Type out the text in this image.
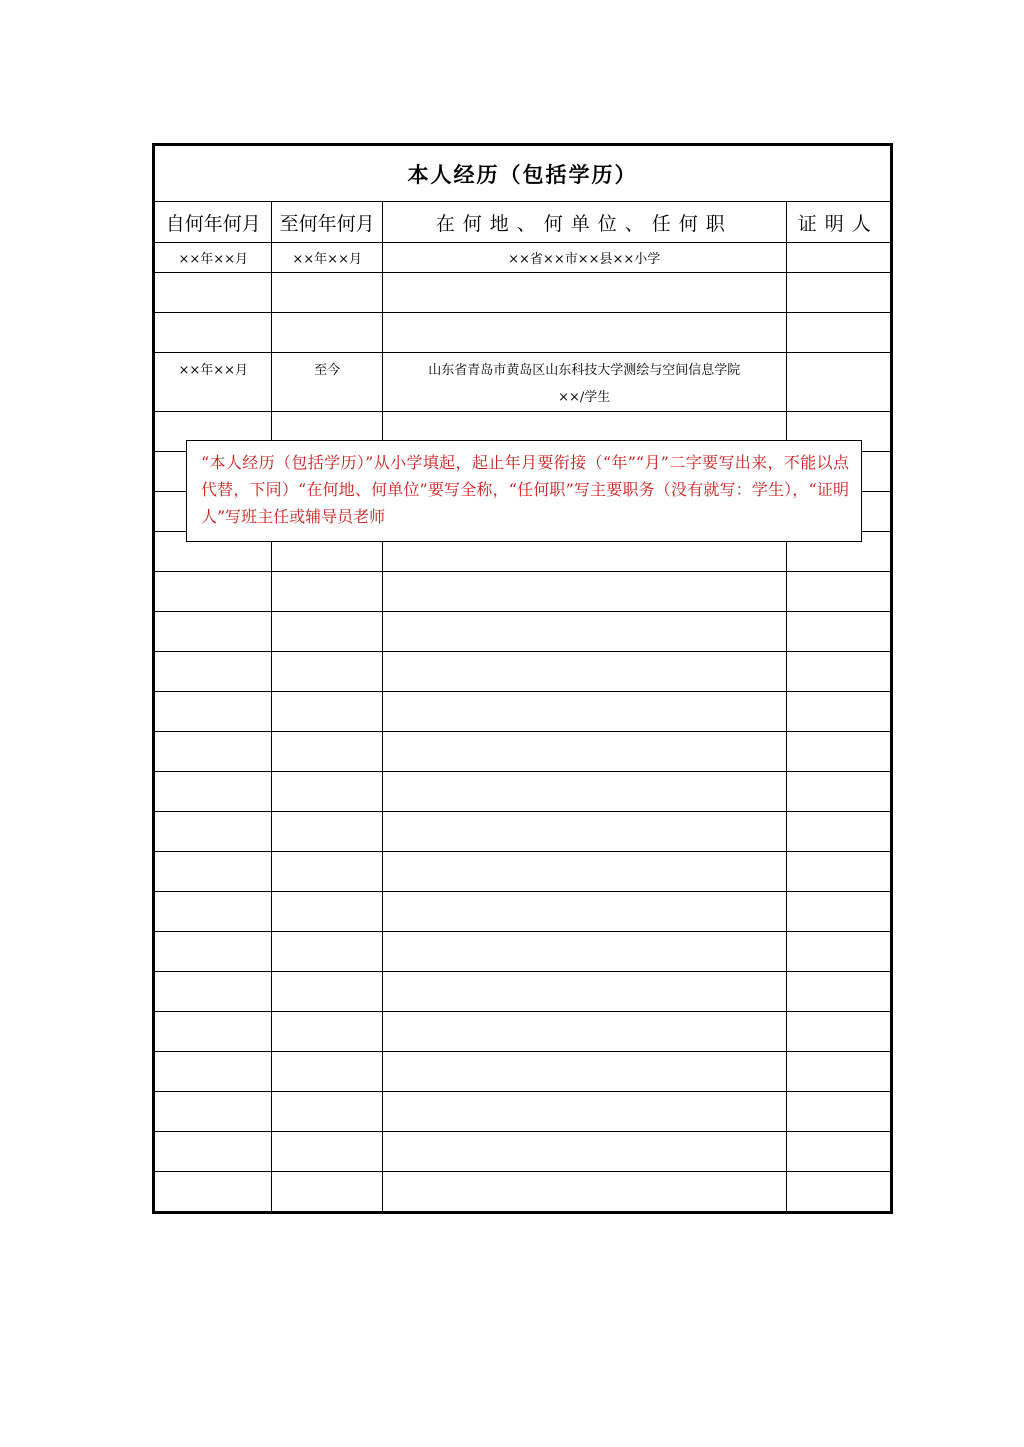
本人经历（包括学历）			
自何年何月	至何年何月	在何地、何单位、任何职	证明人
××年××月	××年××月	××省××市××县××小学	

××年××月	至今	山东省青岛市黄岛区山东科技大学测绘与空间信息学院
××/学生	

“本人经历（包括学历）”从小学填起，起止年月要衔接（“年”“月”二字要写出来，不能以点代替，下同）“在何地、何单位”要写全称，“任何职”写主要职务（没有就写：学生），“证明人”写班主任或辅导员老师
